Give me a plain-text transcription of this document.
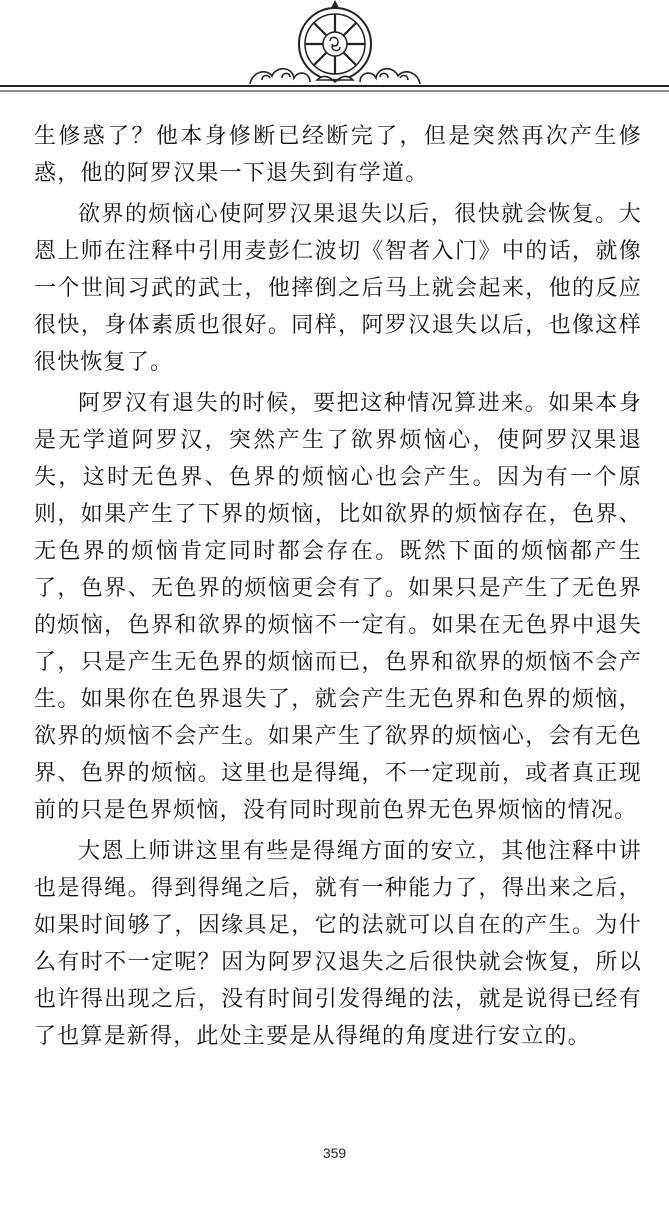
生修惑了？他本身修断已经断完了，但是突然再次产生修惑，他的阿罗汉果一下退失到有学道。

欲界的烦恼心使阿罗汉果退失以后，很快就会恢复。大恩上师在注释中引用麦彭仁波切《智者入门》中的话，就像一个世间习武的武士，他摔倒之后马上就会起来，他的反应很快，身体素质也很好。同样，阿罗汉退失以后，也像这样很快恢复了。

阿罗汉有退失的时候，要把这种情况算进来。如果本身是无学道阿罗汉，突然产生了欲界烦恼心，使阿罗汉果退失，这时无色界、色界的烦恼心也会产生。因为有一个原则，如果产生了下界的烦恼，比如欲界的烦恼存在，色界、无色界的烦恼肯定同时都会存在。既然下面的烦恼都产生了，色界、无色界的烦恼更会有了。如果只是产生了无色界的烦恼，色界和欲界的烦恼不一定有。如果在无色界中退失了，只是产生无色界的烦恼而已，色界和欲界的烦恼不会产生。如果你在色界退失了，就会产生无色界和色界的烦恼，欲界的烦恼不会产生。如果产生了欲界的烦恼心，会有无色界、色界的烦恼。这里也是得绳，不一定现前，或者真正现前的只是色界烦恼，没有同时现前色界无色界烦恼的情况。

大恩上师讲这里有些是得绳方面的安立，其他注释中讲也是得绳。得到得绳之后，就有一种能力了，得出来之后，如果时间够了，因缘具足，它的法就可以自在的产生。为什么有时不一定呢？因为阿罗汉退失之后很快就会恢复，所以也许得出现之后，没有时间引发得绳的法，就是说得已经有了也算是新得，此处主要是从得绳的角度进行安立的。

359
